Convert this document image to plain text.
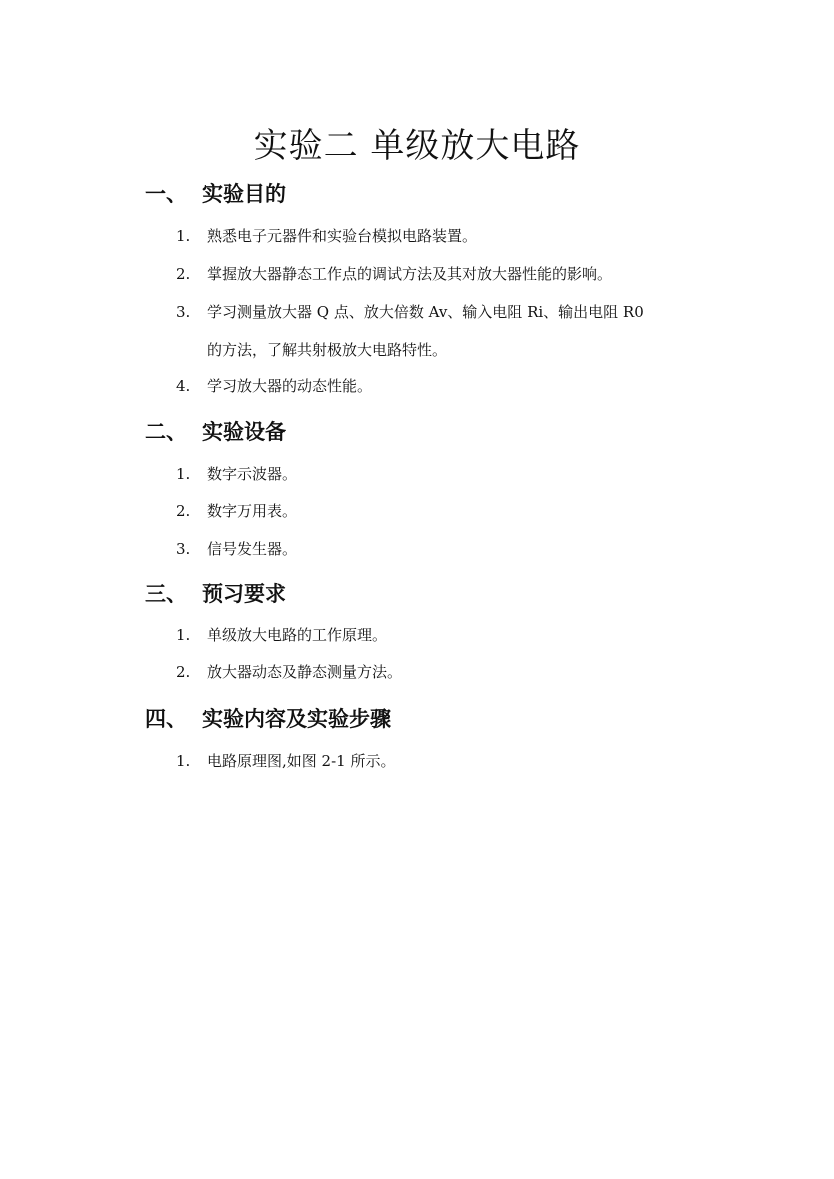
实验二 单级放大电路
一、 实验目的
1. 熟悉电子元器件和实验台模拟电路装置。
2. 掌握放大器静态工作点的调试方法及其对放大器性能的影响。
3. 学习测量放大器 Q 点、放大倍数 Av、输入电阻 Ri、输出电阻 R0
的方法，了解共射极放大电路特性。
4. 学习放大器的动态性能。
二、 实验设备
1. 数字示波器。
2. 数字万用表。
3. 信号发生器。
三、 预习要求
1. 单级放大电路的工作原理。
2. 放大器动态及静态测量方法。
四、 实验内容及实验步骤
1. 电路原理图,如图 2-1 所示。
